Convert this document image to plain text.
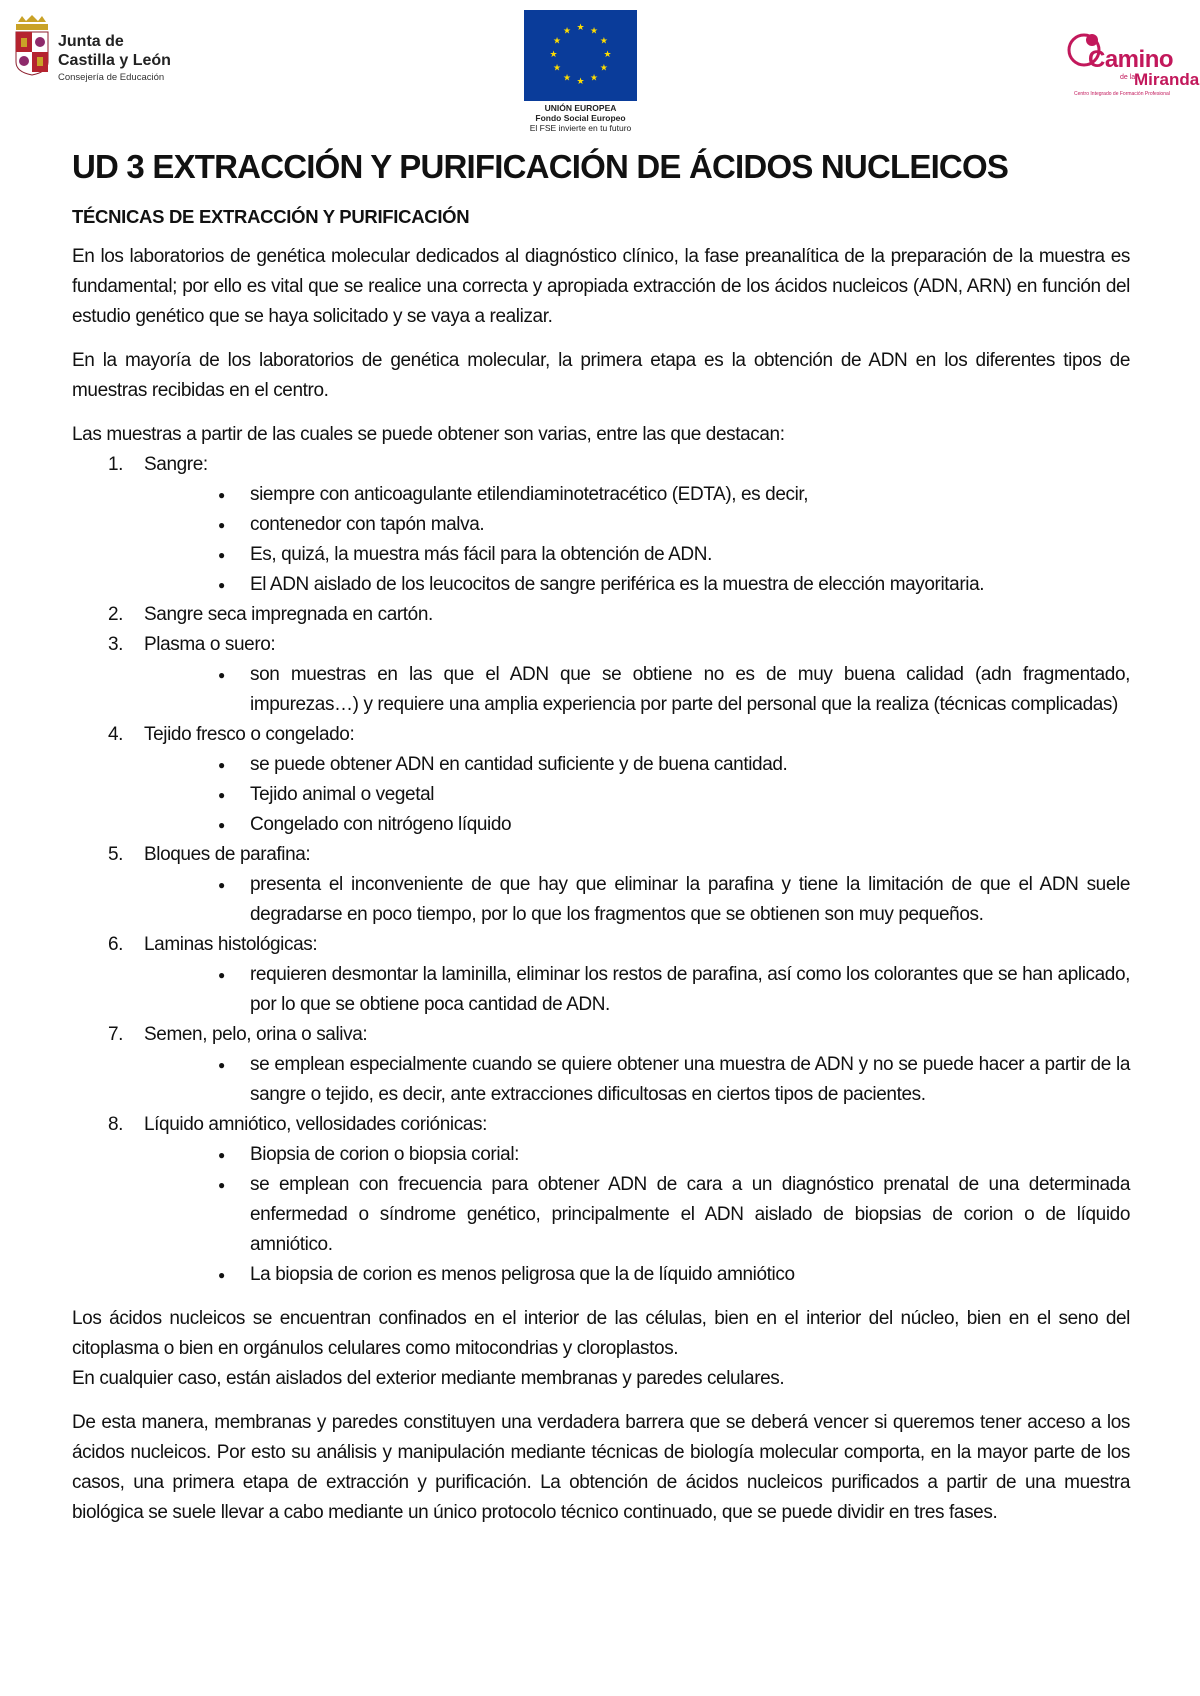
Junta de
Castilla y León
Consejería de Educación
★ ★
★
★
★
★
★
★
★
★
★
★
UNIÓN EUROPEA
Fondo Social Europeo
El FSE invierte en tu futuro
Camino
de la
Miranda
Centro Integrado de Formación Profesional
UD 3 EXTRACCIÓN Y PURIFICACIÓN DE ÁCIDOS NUCLEICOS
TÉCNICAS DE EXTRACCIÓN Y PURIFICACIÓN

En los laboratorios de genética molecular dedicados al diagnóstico clínico, la fase preanalítica de la preparación de la muestra es fundamental; por ello es vital que se realice una correcta y apropiada extracción de los ácidos nucleicos (ADN, ARN) en función del estudio genético que se haya solicitado y se vaya a realizar.

En la mayoría de los laboratorios de genética molecular, la primera etapa es la obtención de ADN en los diferentes tipos de muestras recibidas en el centro.

Las muestras a partir de las cuales se puede obtener son varias, entre las que destacan:

1. Sangre:
● siempre con anticoagulante etilendiaminotetracético (EDTA), es decir,
● contenedor con tapón malva.
● Es, quizá, la muestra más fácil para la obtención de ADN.
● El ADN aislado de los leucocitos de sangre periférica es la muestra de elección mayoritaria.
2. Sangre seca impregnada en cartón.
3. Plasma o suero:
● son muestras en las que el ADN que se obtiene no es de muy buena calidad (adn fragmentado, impurezas…) y requiere una amplia experiencia por parte del personal que la realiza (técnicas complicadas)
4. Tejido fresco o congelado:
● se puede obtener ADN en cantidad suficiente y de buena cantidad.
● Tejido animal o vegetal
● Congelado con nitrógeno líquido
5. Bloques de parafina:
● presenta el inconveniente de que hay que eliminar la parafina y tiene la limitación de que el ADN suele degradarse en poco tiempo, por lo que los fragmentos que se obtienen son muy pequeños.
6. Laminas histológicas:
● requieren desmontar la laminilla, eliminar los restos de parafina, así como los colorantes que se han aplicado, por lo que se obtiene poca cantidad de ADN.
7. Semen, pelo, orina o saliva:
● se emplean especialmente cuando se quiere obtener una muestra de ADN y no se puede hacer a partir de la sangre o tejido, es decir, ante extracciones dificultosas en ciertos tipos de pacientes.
8. Líquido amniótico, vellosidades coriónicas:
● Biopsia de corion o biopsia corial:
● se emplean con frecuencia para obtener ADN de cara a un diagnóstico prenatal de una determinada enfermedad o síndrome genético, principalmente el ADN aislado de biopsias de corion o de líquido amniótico.
● La biopsia de corion es menos peligrosa que la de líquido amniótico

Los ácidos nucleicos se encuentran confinados en el interior de las células, bien en el interior del núcleo, bien en el seno del citoplasma o bien en orgánulos celulares como mitocondrias y cloroplastos.

En cualquier caso, están aislados del exterior mediante membranas y paredes celulares.

De esta manera, membranas y paredes constituyen una verdadera barrera que se deberá vencer si queremos tener acceso a los ácidos nucleicos. Por esto su análisis y manipulación mediante técnicas de biología molecular comporta, en la mayor parte de los casos, una primera etapa de extracción y purificación. La obtención de ácidos nucleicos purificados a partir de una muestra biológica se suele llevar a cabo mediante un único protocolo técnico continuado, que se puede dividir en tres fases.
